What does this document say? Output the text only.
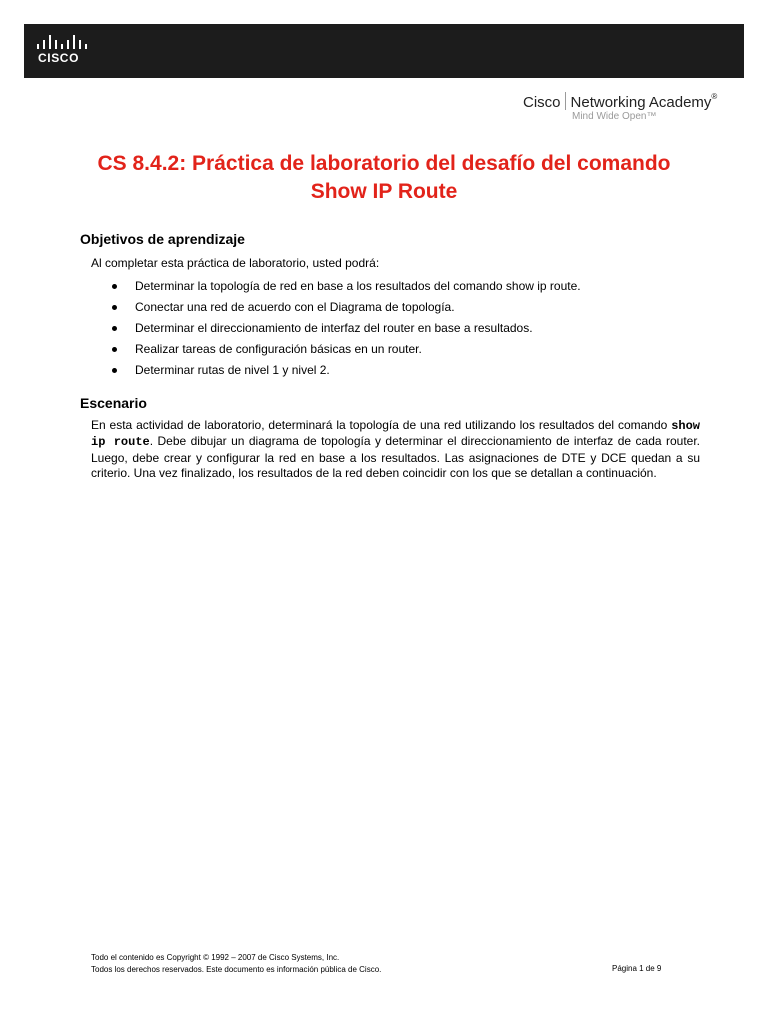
CISCO
Cisco Networking Academy®
Mind Wide Open™
CS 8.4.2: Práctica de laboratorio del desafío del comando
Show IP Route
Objetivos de aprendizaje
Al completar esta práctica de laboratorio, usted podrá:
Determinar la topología de red en base a los resultados del comando show ip route.
Conectar una red de acuerdo con el Diagrama de topología.
Determinar el direccionamiento de interfaz del router en base a resultados.
Realizar tareas de configuración básicas en un router.
Determinar rutas de nivel 1 y nivel 2.
Escenario
En esta actividad de laboratorio, determinará la topología de una red utilizando los resultados del comando show ip route. Debe dibujar un diagrama de topología y determinar el direccionamiento de interfaz de cada router. Luego, debe crear y configurar la red en base a los resultados. Las asignaciones de DTE y DCE quedan a su criterio. Una vez finalizado, los resultados de la red deben coincidir con los que se detallan a continuación.
Todo el contenido es Copyright © 1992 – 2007 de Cisco Systems, Inc.
Todos los derechos reservados. Este documento es información pública de Cisco.	Página 1 de 9
